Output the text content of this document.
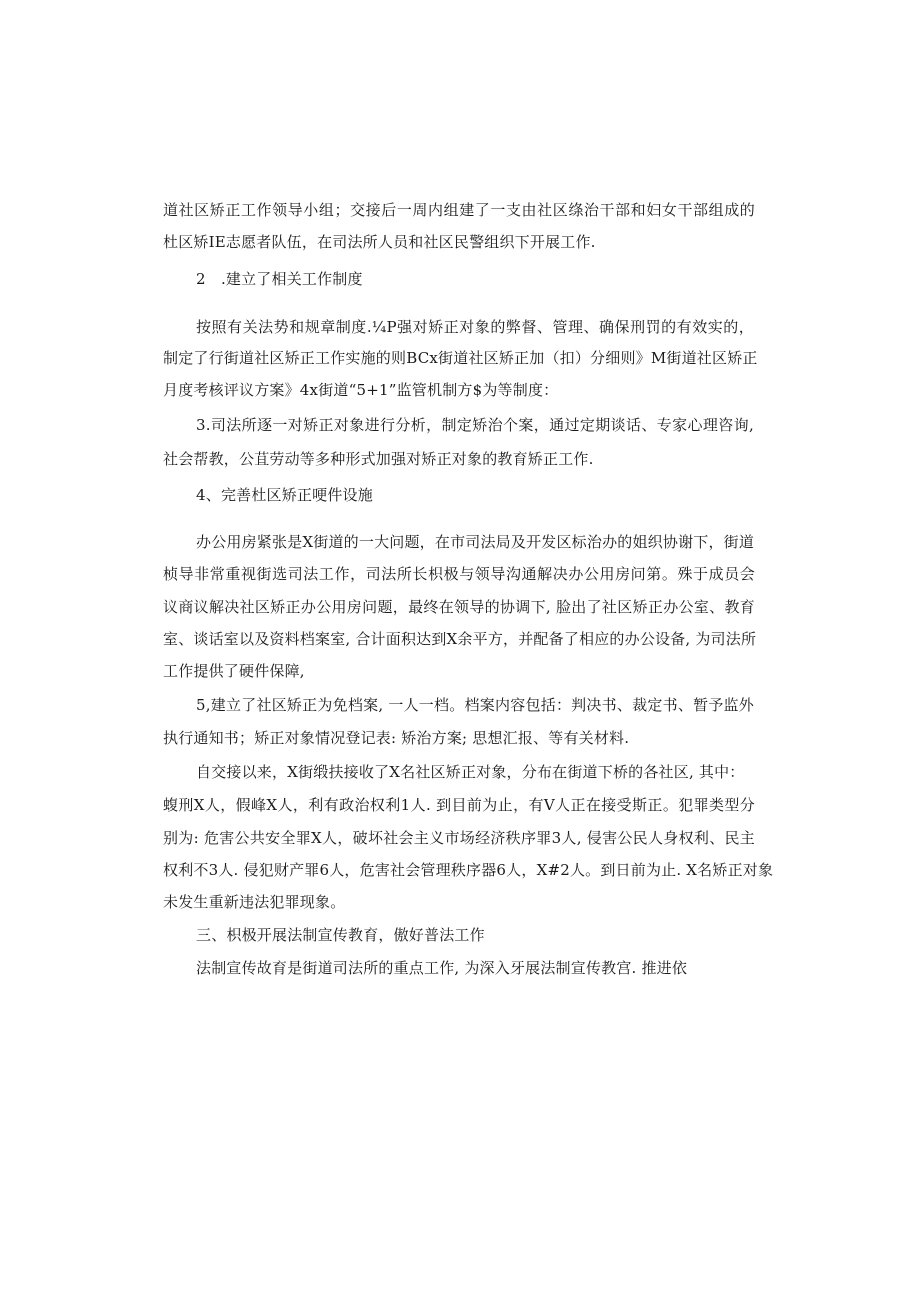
道社区矫正工作领导小组；交接后一周内组建了一支由社区绦治干部和妇女干部组成的
杜区矫IE志愿者队伍，在司法所人员和社区民警组织下开展工作.
2　.建立了相关工作制度
按照有关法势和规章制度.¼P强对矫正对象的弊督、管理、确保刑罚的有效实的，
制定了行街道社区矫正工作实施的则BCx街道社区矫正加（扣）分细则》M街道社区矫正
月度考核评议方案》4x街道“5+1”监管机制方$为等制度：
3.司法所逐一对矫正对象进行分析，制定矫治个案，通过定期谈话、专家心理咨询,
社会帮教，公苴劳动等多种形式加强对矫正对象的教育矫正工作.
4、完善杜区矫正哽件设施
办公用房紧张是X街道的一大问题，在市司法局及开发区标治办的姐织协谢下，街道
桢导非常重视街选司法工作，司法所长枳极与领导沟通解决办公用房问第。殊于成员会
议商议解决社区矫正办公用房问题，最终在领导的协调下, 脸出了社区矫正办公室、教育
室、谈话室以及资料档案室, 合计面积达到X余平方，并配备了相应的办公设备, 为司法所
工作提供了硬件保障,
5,建立了社区矫正为免档案, 一人一档。档案内容包括：判决书、裁定书、暂予监外
执行通知书；矫正对象情况登记表: 矫治方案; 思想汇报、等有关材料.
自交接以来，X街缎扶接收了X名社区矫正对象，分布在街道下桥的各社区, 其中：
蝮刑X人，假峰X人，利有政治权利1人. 到目前为止，有V人正在接受斯正。犯罪类型分
别为: 危害公共安全罪X人，破坏社会主义市场经济秩序罪3人, 侵害公民人身权利、民主
权利不3人. 侵犯财产罪6人，危害社会管理秩序器6人，X#2人。到日前为止. X名矫正对象
未发生重新违法犯罪现象。
三、枳极开展法制宣传教育，傲好普法工作
法制宣传故育是街道司法所的重点工作, 为深入牙展法制宣传教宫. 推进依
